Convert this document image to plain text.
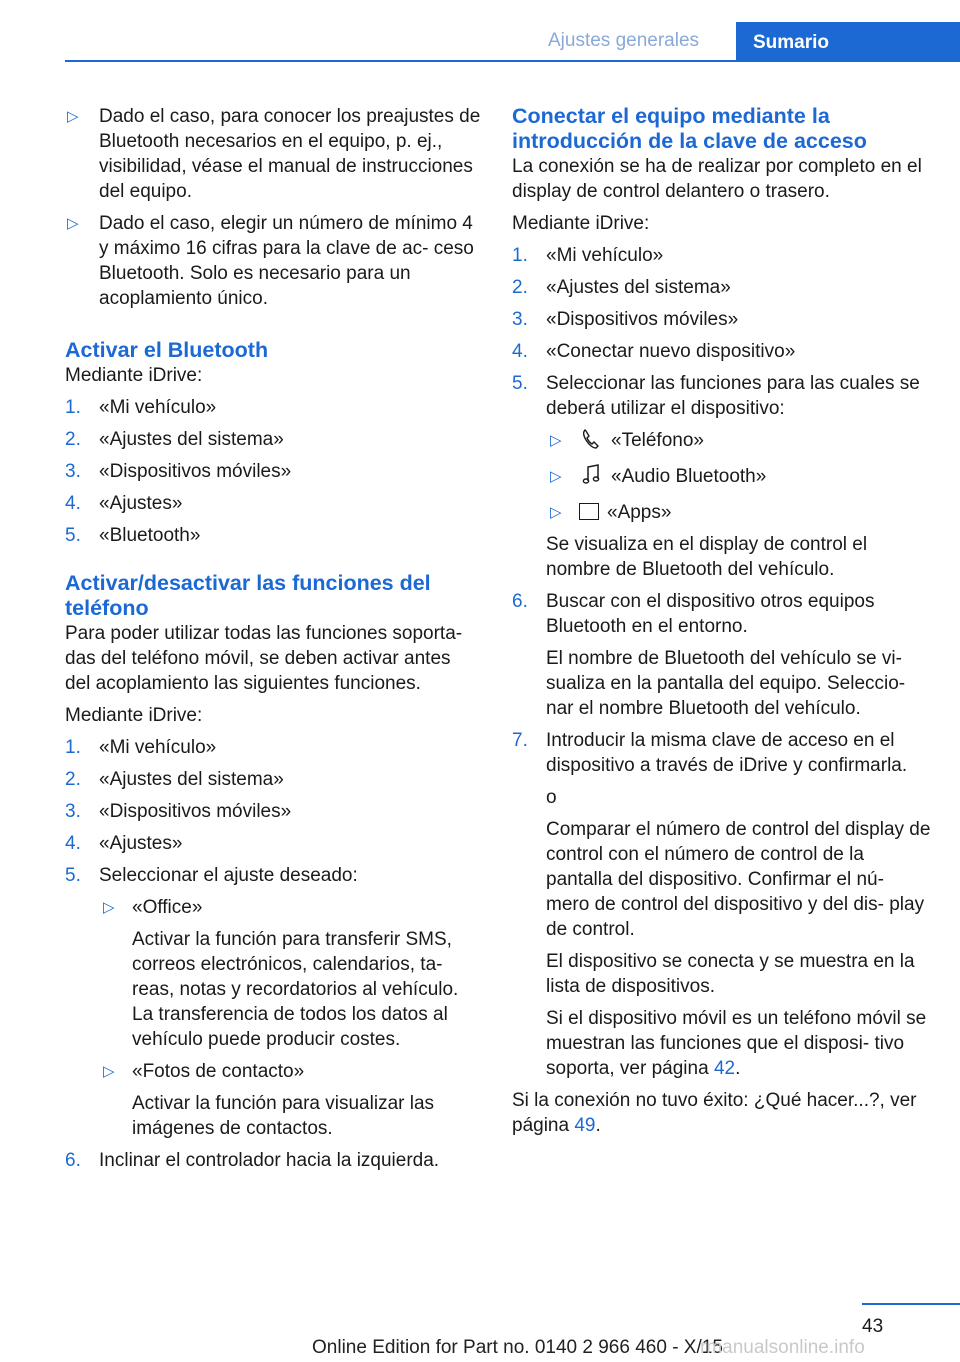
Ajustes generales	Sumario
▷ Dado el caso, para conocer los preajustes de Bluetooth necesarios en el equipo, p. ej., visibilidad, véase el manual de instrucciones del equipo.
▷ Dado el caso, elegir un número de mínimo 4 y máximo 16 cifras para la clave de ac‐ ceso Bluetooth. Solo es necesario para un acoplamiento único.
Activar el Bluetooth
Mediante iDrive:
1. «Mi vehículo»
2. «Ajustes del sistema»
3. «Dispositivos móviles»
4. «Ajustes»
5. «Bluetooth»
Activar/desactivar las funciones del teléfono
Para poder utilizar todas las funciones soporta‐ das del teléfono móvil, se deben activar antes del acoplamiento las siguientes funciones.
Mediante iDrive:
1. «Mi vehículo»
2. «Ajustes del sistema»
3. «Dispositivos móviles»
4. «Ajustes»
5. Seleccionar el ajuste deseado:
▷ «Office»
Activar la función para transferir SMS, correos electrónicos, calendarios, ta‐ reas, notas y recordatorios al vehículo. La transferencia de todos los datos al vehículo puede producir costes.
▷ «Fotos de contacto»
Activar la función para visualizar las imágenes de contactos.
6. Inclinar el controlador hacia la izquierda.
Conectar el equipo mediante la introducción de la clave de acceso
La conexión se ha de realizar por completo en el display de control delantero o trasero.
Mediante iDrive:
1. «Mi vehículo»
2. «Ajustes del sistema»
3. «Dispositivos móviles»
4. «Conectar nuevo dispositivo»
5. Seleccionar las funciones para las cuales se deberá utilizar el dispositivo:
▷	«Teléfono»
▷	«Audio Bluetooth»
▷ «Apps»
Se visualiza en el display de control el nombre de Bluetooth del vehículo.
6. Buscar con el dispositivo otros equipos Bluetooth en el entorno.
El nombre de Bluetooth del vehículo se vi‐ sualiza en la pantalla del equipo. Seleccio‐ nar el nombre Bluetooth del vehículo.
7. Introducir la misma clave de acceso en el dispositivo a través de iDrive y confirmarla.
o
Comparar el número de control del display de control con el número de control de la pantalla del dispositivo. Confirmar el nú‐ mero de control del dispositivo y del dis‐ play de control.
El dispositivo se conecta y se muestra en la lista de dispositivos.
Si el dispositivo móvil es un teléfono móvil se muestran las funciones que el disposi‐ tivo soporta, ver página 42.
Si la conexión no tuvo éxito: ¿Qué hacer...?, ver página 49.
43
Online Edition for Part no. 0140 2 966 460 - X/15
rmanualsonline.info
